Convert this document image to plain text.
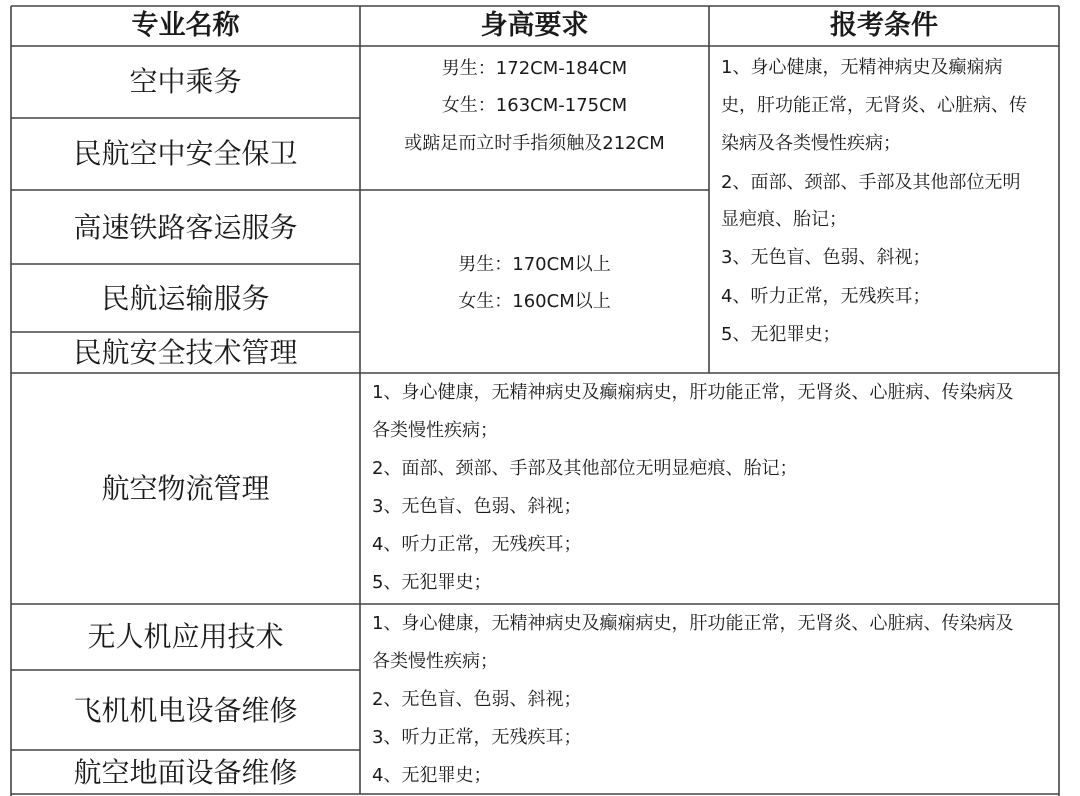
专业名称	身高要求	报考条件
空中乘务
民航空中安全保卫
高速铁路客运服务
民航运输服务
民航安全技术管理
航空物流管理
无人机应用技术
飞机机电设备维修
航空地面设备维修
男生：172CM-184CM
女生：163CM-175CM
或踮足而立时手指须触及212CM
男生：170CM以上
女生：160CM以上
1、身心健康，无精神病史及癫痫病
史，肝功能正常，无肾炎、心脏病、传
染病及各类慢性疾病；
2、面部、颈部、手部及其他部位无明
显疤痕、胎记；
3、无色盲、色弱、斜视；
4、听力正常，无残疾耳；
5、无犯罪史；
1、身心健康，无精神病史及癫痫病史，肝功能正常，无肾炎、心脏病、传染病及
各类慢性疾病；
2、面部、颈部、手部及其他部位无明显疤痕、胎记；
3、无色盲、色弱、斜视；
4、听力正常，无残疾耳；
5、无犯罪史；
1、身心健康，无精神病史及癫痫病史，肝功能正常，无肾炎、心脏病、传染病及
各类慢性疾病；
2、无色盲、色弱、斜视；
3、听力正常，无残疾耳；
4、无犯罪史；
